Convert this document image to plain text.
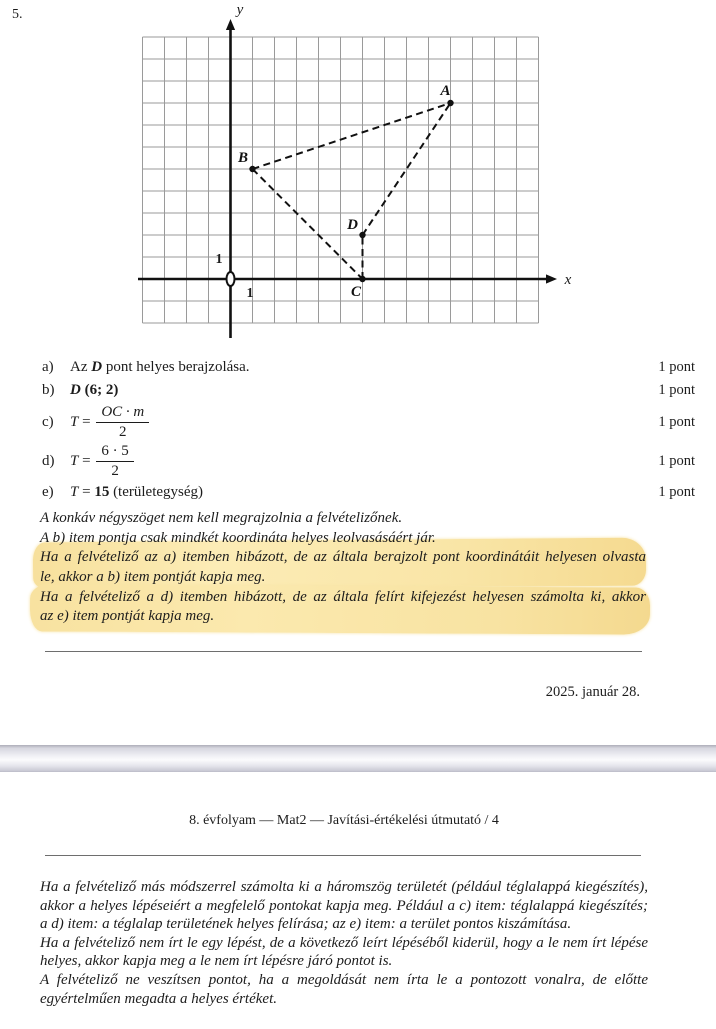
5.
A
B
C
D
y
x
1
1
a)	Az D pont helyes berajzolása.	1 pont
b)	D (6; 2)	1 pont
c)	$T = \frac{OC \cdot m}{2}$	1 pont
d)	$T = \frac{6 \cdot 5}{2}$	1 pont
e)	T = 15 (területegység)	1 pont
A konkáv négyszöget nem kell megrajzolnia a felvételizőnek.
A b) item pontja csak mindkét koordináta helyes leolvasásáért jár.
Ha a felvételiző az a) itemben hibázott, de az általa berajzolt pont koordinátáit helyesen olvasta
le, akkor a b) item pontját kapja meg.
Ha a felvételiző a d) itemben hibázott, de az általa felírt kifejezést helyesen számolta ki, akkor
az e) item pontját kapja meg.
2025. január 28.
8. évfolyam — Mat2 — Javítási-értékelési útmutató / 4

Ha a felvételiző más módszerrel számolta ki a háromszög területét (például téglalappá kiegészítés), akkor a helyes lépéseiért a megfelelő pontokat kapja meg. Például a c) item: téglalappá kiegészítés; a d) item: a téglalap területének helyes felírása; az e) item: a terület pontos kiszámítása.

Ha a felvételiző nem írt le egy lépést, de a következő leírt lépéséből kiderül, hogy a le nem írt lépése helyes, akkor kapja meg a le nem írt lépésre járó pontot is.

A felvételiző ne veszítsen pontot, ha a megoldását nem írta le a pontozott vonalra, de előtte egyértelműen megadta a helyes értéket.
